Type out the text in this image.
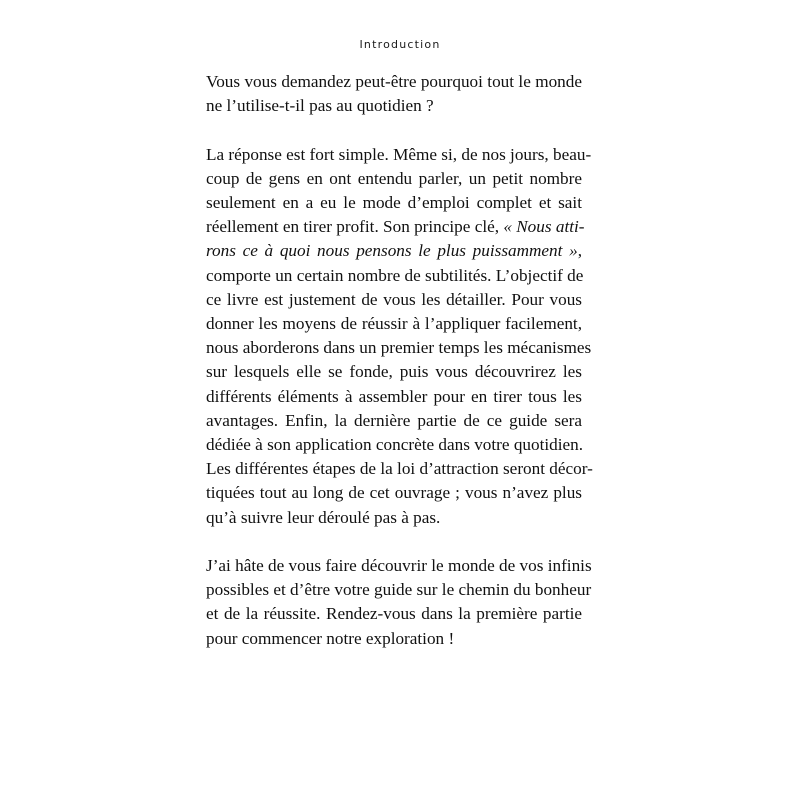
Introduction

Vous vous demandez peut-être pourquoi tout le monde
ne l’utilise-t-il pas au quotidien ?

La réponse est fort simple. Même si, de nos jours, beau-
coup de gens en ont entendu parler, un petit nombre
seulement en a eu le mode d’emploi complet et sait
réellement en tirer profit. Son principe clé, « Nous atti-
rons ce à quoi nous pensons le plus puissamment »,
comporte un certain nombre de subtilités. L’objectif de
ce livre est justement de vous les détailler. Pour vous
donner les moyens de réussir à l’appliquer facilement,
nous aborderons dans un premier temps les mécanismes
sur lesquels elle se fonde, puis vous découvrirez les
différents éléments à assembler pour en tirer tous les
avantages. Enfin, la dernière partie de ce guide sera
dédiée à son application concrète dans votre quotidien.
Les différentes étapes de la loi d’attraction seront décor-
tiquées tout au long de cet ouvrage ; vous n’avez plus
qu’à suivre leur déroulé pas à pas.

J’ai hâte de vous faire découvrir le monde de vos infinis
possibles et d’être votre guide sur le chemin du bonheur
et de la réussite. Rendez-vous dans la première partie
pour commencer notre exploration !
